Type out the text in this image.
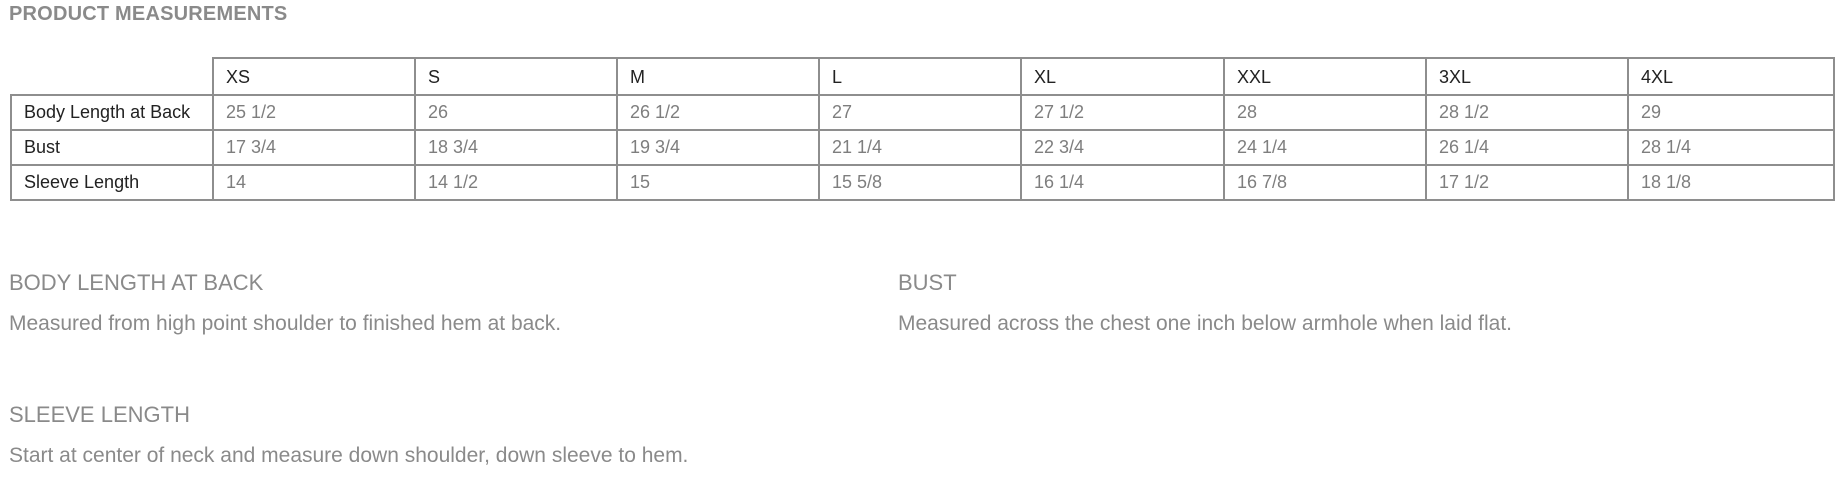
PRODUCT MEASUREMENTS
	XS	S	M	L	XL	XXL	3XL	4XL
Body Length at Back	25 1/2	26	26 1/2	27	27 1/2	28	28 1/2	29
Bust	17 3/4	18 3/4	19 3/4	21 1/4	22 3/4	24 1/4	26 1/4	28 1/4
Sleeve Length	14	14 1/2	15	15 5/8	16 1/4	16 7/8	17 1/2	18 1/8
BODY LENGTH AT BACK
Measured from high point shoulder to finished hem at back.
BUST
Measured across the chest one inch below armhole when laid flat.
SLEEVE LENGTH
Start at center of neck and measure down shoulder, down sleeve to hem.
